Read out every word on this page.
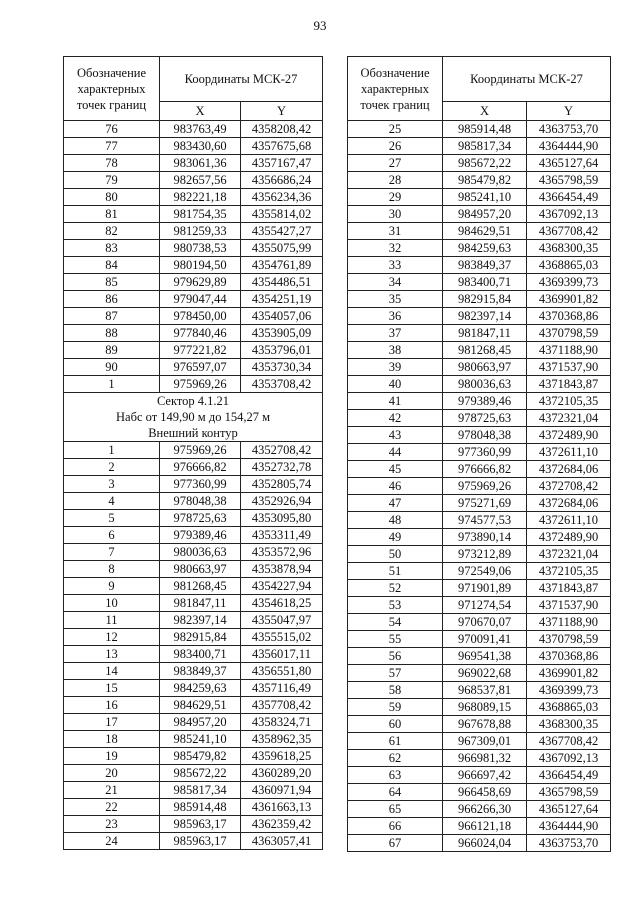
93
Обозначение характерных точек границ	Координаты МСК-27	
	X	Y
76	983763,49	4358208,42
77	983430,60	4357675,68
78	983061,36	4357167,47
79	982657,56	4356686,24
80	982221,18	4356234,36
81	981754,35	4355814,02
82	981259,33	4355427,27
83	980738,53	4355075,99
84	980194,50	4354761,89
85	979629,89	4354486,51
86	979047,44	4354251,19
87	978450,00	4354057,06
88	977840,46	4353905,09
89	977221,82	4353796,01
90	976597,07	4353730,34
1	975969,26	4353708,42
Сектор 4.1.21		
Набс от 149,90 м до 154,27 м		
Внешний контур		
1	975969,26	4352708,42
2	976666,82	4352732,78
3	977360,99	4352805,74
4	978048,38	4352926,94
5	978725,63	4353095,80
6	979389,46	4353311,49
7	980036,63	4353572,96
8	980663,97	4353878,94
9	981268,45	4354227,94
10	981847,11	4354618,25
11	982397,14	4355047,97
12	982915,84	4355515,02
13	983400,71	4356017,11
14	983849,37	4356551,80
15	984259,63	4357116,49
16	984629,51	4357708,42
17	984957,20	4358324,71
18	985241,10	4358962,35
19	985479,82	4359618,25
20	985672,22	4360289,20
21	985817,34	4360971,94
22	985914,48	4361663,13
23	985963,17	4362359,42
24	985963,17	4363057,41
Обозначение характерных точек границ	Координаты МСК-27	
	X	Y
25	985914,48	4363753,70
26	985817,34	4364444,90
27	985672,22	4365127,64
28	985479,82	4365798,59
29	985241,10	4366454,49
30	984957,20	4367092,13
31	984629,51	4367708,42
32	984259,63	4368300,35
33	983849,37	4368865,03
34	983400,71	4369399,73
35	982915,84	4369901,82
36	982397,14	4370368,86
37	981847,11	4370798,59
38	981268,45	4371188,90
39	980663,97	4371537,90
40	980036,63	4371843,87
41	979389,46	4372105,35
42	978725,63	4372321,04
43	978048,38	4372489,90
44	977360,99	4372611,10
45	976666,82	4372684,06
46	975969,26	4372708,42
47	975271,69	4372684,06
48	974577,53	4372611,10
49	973890,14	4372489,90
50	973212,89	4372321,04
51	972549,06	4372105,35
52	971901,89	4371843,87
53	971274,54	4371537,90
54	970670,07	4371188,90
55	970091,41	4370798,59
56	969541,38	4370368,86
57	969022,68	4369901,82
58	968537,81	4369399,73
59	968089,15	4368865,03
60	967678,88	4368300,35
61	967309,01	4367708,42
62	966981,32	4367092,13
63	966697,42	4366454,49
64	966458,69	4365798,59
65	966266,30	4365127,64
66	966121,18	4364444,90
67	966024,04	4363753,70
